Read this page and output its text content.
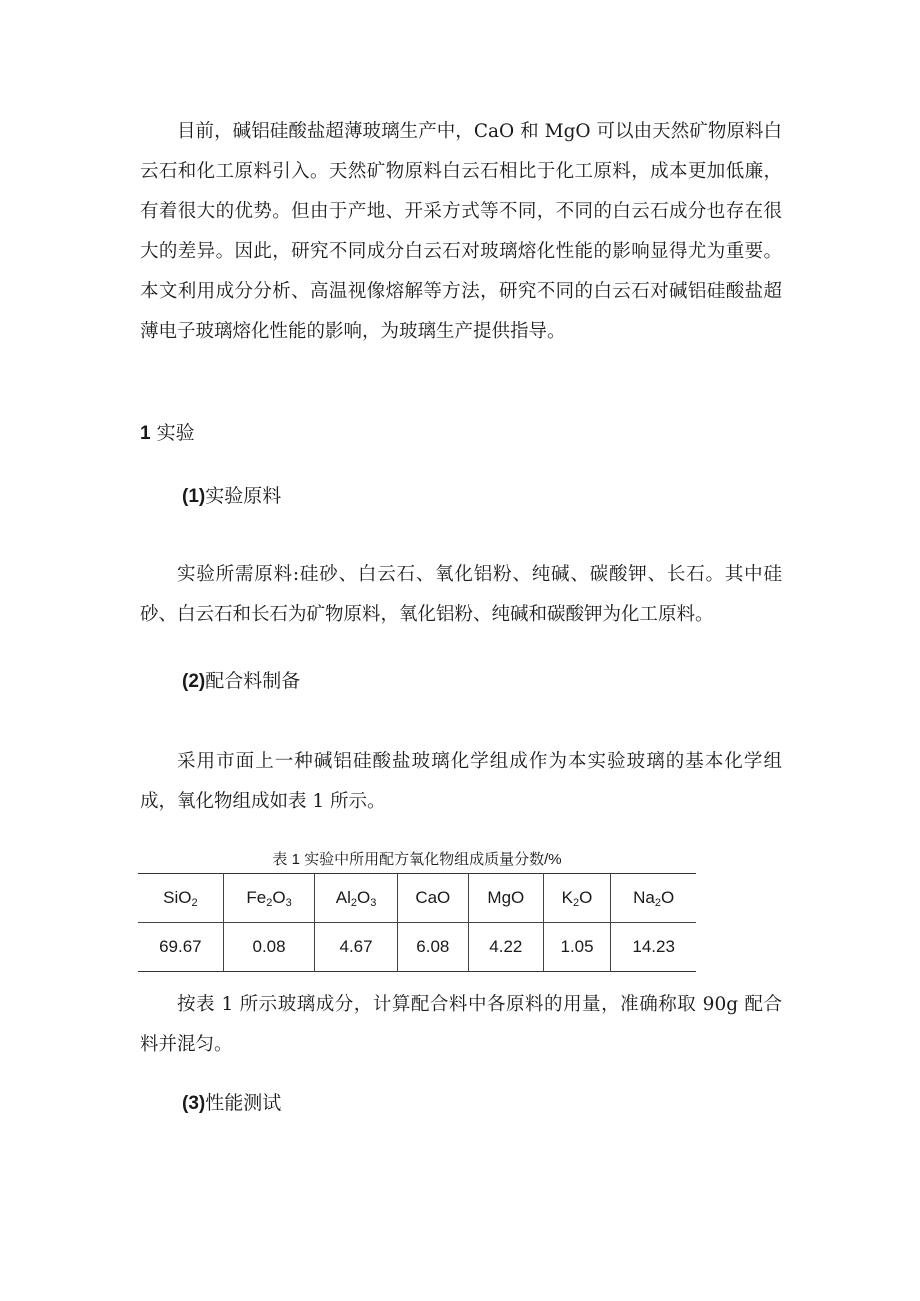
目前，碱铝硅酸盐超薄玻璃生产中，CaO 和 MgO 可以由天然矿物原料白云石和化工原料引入。天然矿物原料白云石相比于化工原料，成本更加低廉，有着很大的优势。但由于产地、开采方式等不同，不同的白云石成分也存在很大的差异。因此，研究不同成分白云石对玻璃熔化性能的影响显得尤为重要。本文利用成分分析、高温视像熔解等方法，研究不同的白云石对碱铝硅酸盐超薄电子玻璃熔化性能的影响，为玻璃生产提供指导。

1 实验
(1)实验原料

实验所需原料:硅砂、白云石、氧化铝粉、纯碱、碳酸钾、长石。其中硅砂、白云石和长石为矿物原料，氧化铝粉、纯碱和碳酸钾为化工原料。

(2)配合料制备

采用市面上一种碱铝硅酸盐玻璃化学组成作为本实验玻璃的基本化学组成，氧化物组成如表 1 所示。

表 1 实验中所用配方氧化物组成质量分数/%
SiO$_2$	$Fe_2O_3$	$Al_2O_3$	CaO	MgO	$K_2O$	$Na_2O$
69.67	0.08	4.67	6.08	4.22	1.05	14.23

按表 1 所示玻璃成分，计算配合料中各原料的用量，准确称取 90g 配合料并混匀。

(3)性能测试
